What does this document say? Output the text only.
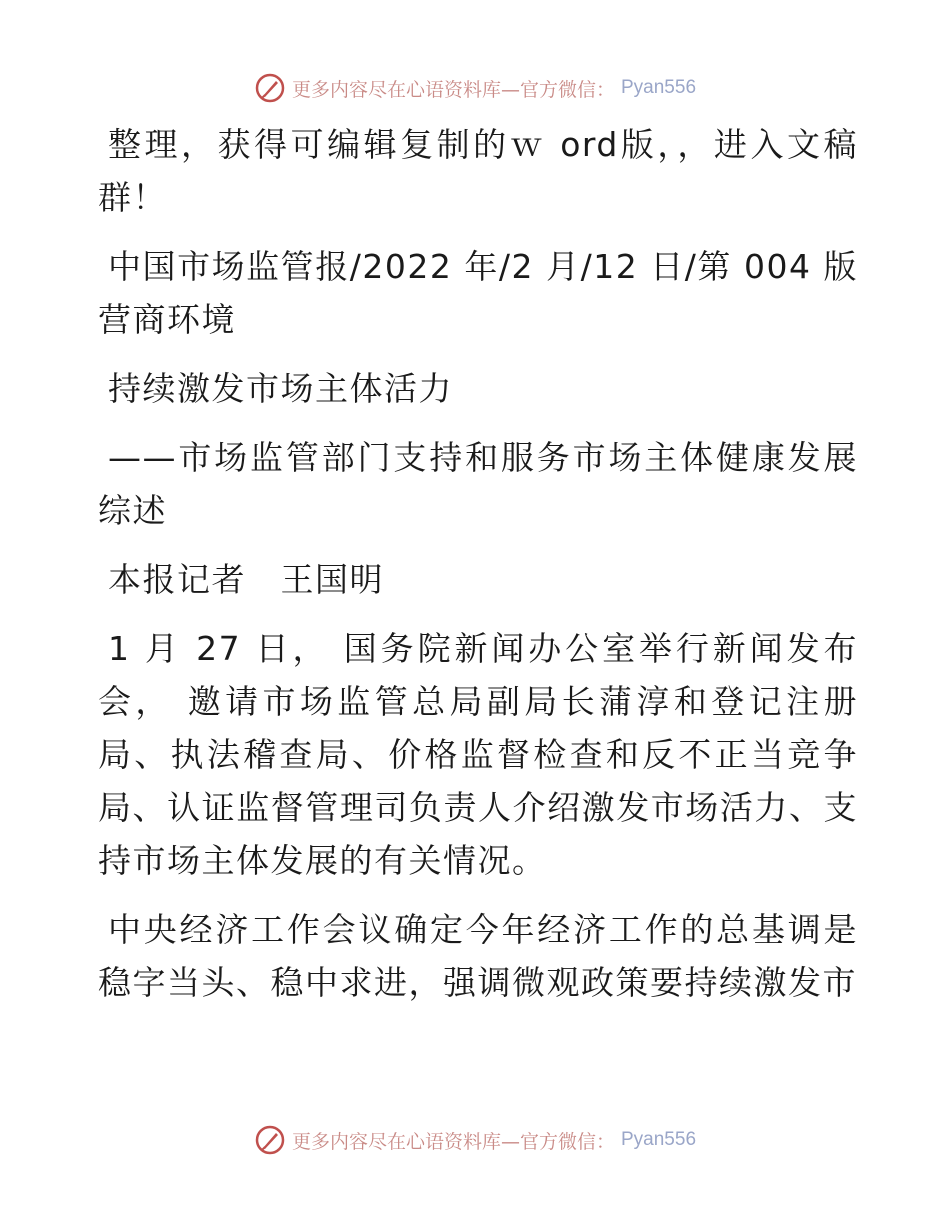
更多内容尽在心语资料库—官方微信： Pyan556

整理，获得可编辑复制的ｗ ord版，，进入文稿群！

中国市场监管报/2022 年/2 月/12 日/第 004 版营商环境

持续激发市场主体活力

——市场监管部门支持和服务市场主体健康发展综述

本报记者　王国明

1 月 27 日， 国务院新闻办公室举行新闻发布会， 邀请市场监管总局副局长蒲淳和登记注册局、执法稽查局、价格监督检查和反不正当竞争局、认证监督管理司负责人介绍激发市场活力、支持市场主体发展的有关情况。

中央经济工作会议确定今年经济工作的总基调是稳字当头、稳中求进，强调微观政策要持续激发市

更多内容尽在心语资料库—官方微信： Pyan556
